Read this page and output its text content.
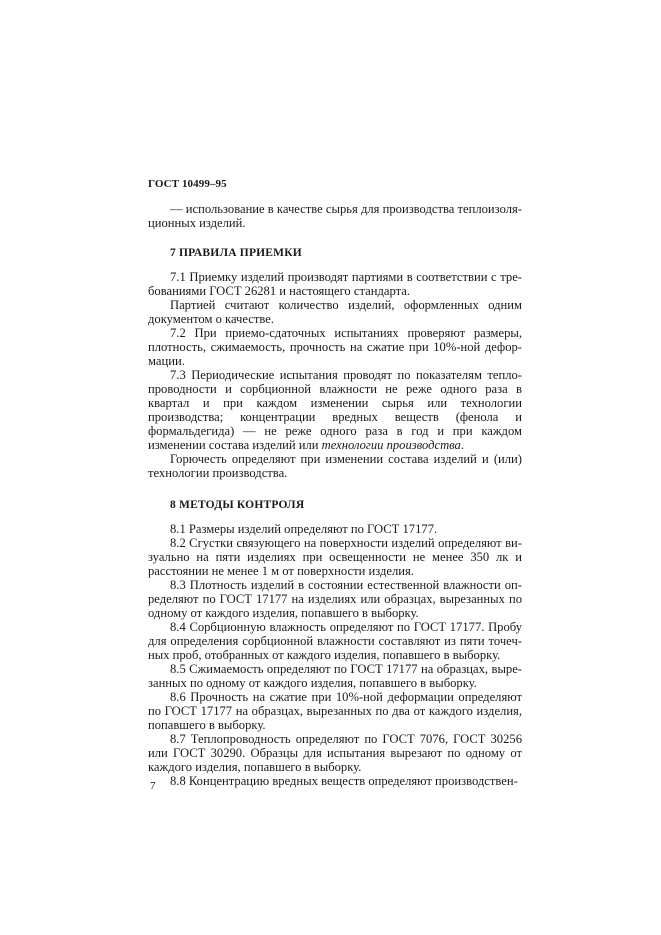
ГОСТ 10499–95

— использование в качестве сырья для производства теплоизоляционных изделий.

7 ПРАВИЛА ПРИЕМКИ

7.1 Приемку изделий производят партиями в соответствии с требованиями ГОСТ 26281 и настоящего стандарта.

Партией считают количество изделий, оформленных одним документом о качестве.

7.2 При приемо-сдаточных испытаниях проверяют размеры, плотность, сжимаемость, прочность на сжатие при 10%-ной деформации.

7.3 Периодические испытания проводят по показателям теплопроводности и сорбционной влажности не реже одного раза в квартал и при каждом изменении сырья или технологии производства; концентрации вредных веществ (фенола и формальдегида) — не реже одного раза в год и при каждом изменении состава изделий или технологии производства.

Горючесть определяют при изменении состава изделий и (или) технологии производства.

8 МЕТОДЫ КОНТРОЛЯ

8.1 Размеры изделий определяют по ГОСТ 17177.

8.2 Сгустки связующего на поверхности изделий определяют визуально на пяти изделиях при освещенности не менее 350 лк и расстоянии не менее 1 м от поверхности изделия.

8.3 Плотность изделий в состоянии естественной влажности определяют по ГОСТ 17177 на изделиях или образцах, вырезанных по одному от каждого изделия, попавшего в выборку.

8.4 Сорбционную влажность определяют по ГОСТ 17177. Пробу для определения сорбционной влажности составляют из пяти точечных проб, отобранных от каждого изделия, попавшего в выборку.

8.5 Сжимаемость определяют по ГОСТ 17177 на образцах, вырезанных по одному от каждого изделия, попавшего в выборку.

8.6 Прочность на сжатие при 10%-ной деформации определяют по ГОСТ 17177 на образцах, вырезанных по два от каждого изделия, попавшего в выборку.

8.7 Теплопроводность определяют по ГОСТ 7076, ГОСТ 30256 или ГОСТ 30290. Образцы для испытания вырезают по одному от каждого изделия, попавшего в выборку.

8.8 Концентрацию вредных веществ определяют производствен-

7
